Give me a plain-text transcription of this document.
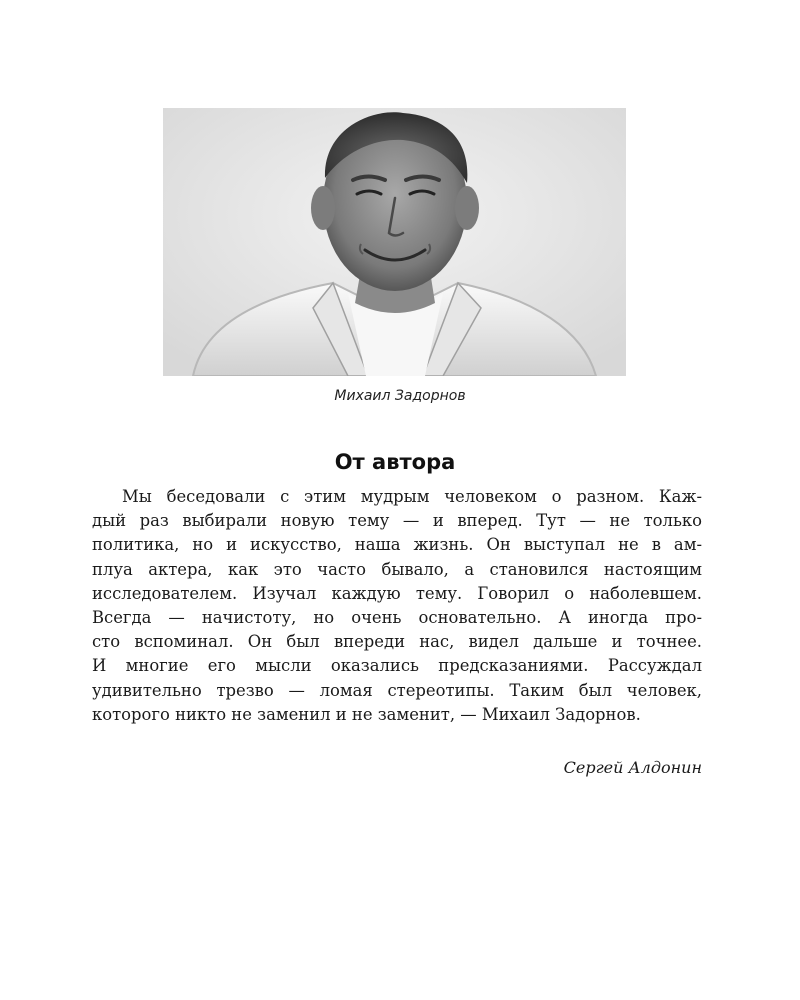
Михаил Задорнов
От автора
Мы беседовали с этим мудрым человеком о разном. Каж-
дый раз выбирали новую тему — и вперед. Тут — не только
политика, но и искусство, наша жизнь. Он выступал не в ам-
плуа актера, как это часто бывало, а становился настоящим
исследователем. Изучал каждую тему. Говорил о наболевшем.
Всегда — начистоту, но очень основательно. А иногда про-
сто вспоминал. Он был впереди нас, видел дальше и точнее.
И многие его мысли оказались предсказаниями. Рассуждал
удивительно трезво — ломая стереотипы. Таким был человек,
которого никто не заменил и не заменит, — Михаил Задорнов.
Сергей Алдонин
